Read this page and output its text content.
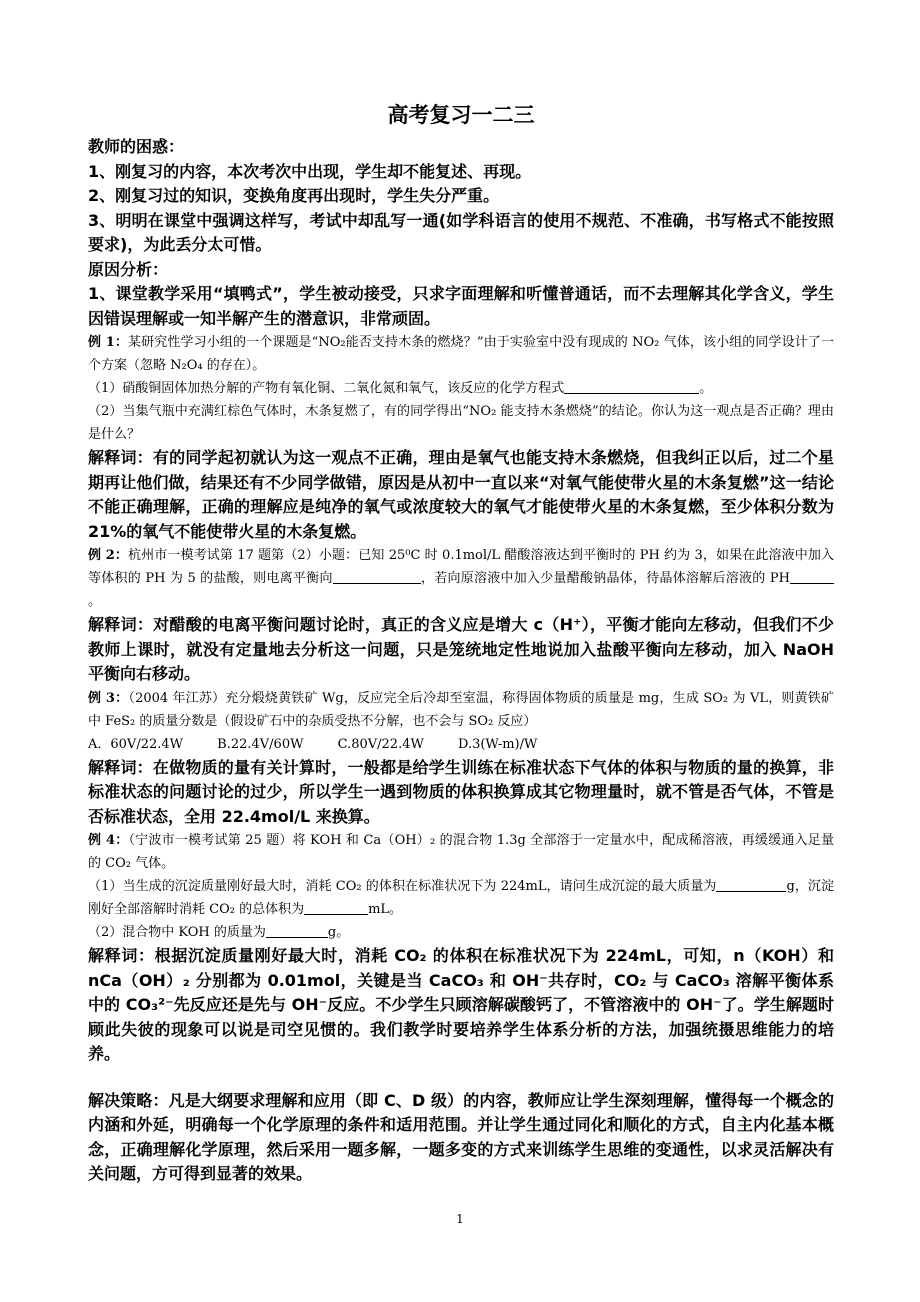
高考复习一二三

教师的困惑：

1、刚复习的内容，本次考次中出现，学生却不能复述、再现。

2、刚复习过的知识，变换角度再出现时，学生失分严重。

3、明明在课堂中强调这样写，考试中却乱写一通(如学科语言的使用不规范、不准确，书写格式不能按照要求)，为此丢分太可惜。

原因分析：

1、课堂教学采用“填鸭式”，学生被动接受，只求字面理解和听懂普通话，而不去理解其化学含义，学生因错误理解或一知半解产生的潜意识，非常顽固。

例 1：某研究性学习小组的一个课题是“NO₂能否支持木条的燃烧？”由于实验室中没有现成的 NO₂ 气体，该小组的同学设计了一个方案（忽略 N₂O₄ 的存在）。

（1）硝酸铜固体加热分解的产物有氧化铜、二氧化氮和氧气，该反应的化学方程式	。

（2）当集气瓶中充满红棕色气体时，木条复燃了，有的同学得出“NO₂ 能支持木条燃烧”的结论。你认为这一观点是否正确？理由是什么？

解释词：有的同学起初就认为这一观点不正确，理由是氧气也能支持木条燃烧，但我纠正以后，过二个星期再让他们做，结果还有不少同学做错，原因是从初中一直以来“对氧气能使带火星的木条复燃”这一结论不能正确理解，正确的理解应是纯净的氧气或浓度较大的氧气才能使带火星的木条复燃，至少体积分数为 21%的氧气不能使带火星的木条复燃。

例 2：杭州市一模考试第 17 题第（2）小题：已知 25⁰C 时 0.1mol/L 醋酸溶液达到平衡时的 PH 约为 3，如果在此溶液中加入等体积的 PH 为 5 的盐酸，则电离平衡向	，若向原溶液中加入少量醋酸钠晶体，待晶体溶解后溶液的 PH。

解释词：对醋酸的电离平衡问题讨论时，真正的含义应是增大 c（H⁺），平衡才能向左移动，但我们不少教师上课时，就没有定量地去分析这一问题，只是笼统地定性地说加入盐酸平衡向左移动，加入 NaOH 平衡向右移动。

例 3：（2004 年江苏）充分煅烧黄铁矿 Wg，反应完全后冷却至室温，称得固体物质的质量是 mg，生成 SO₂ 为 VL，则黄铁矿中 FeS₂ 的质量分数是（假设矿石中的杂质受热不分解，也不会与 SO₂ 反应）

A．60V/22.4W	B.22.4V/60W	C.80V/22.4W	D.3(W-m)/W

解释词：在做物质的量有关计算时，一般都是给学生训练在标准状态下气体的体积与物质的量的换算，非标准状态的问题讨论的过少，所以学生一遇到物质的体积换算成其它物理量时，就不管是否气体，不管是否标准状态，全用 22.4mol/L 来换算。

例 4：（宁波市一模考试第 25 题）将 KOH 和 Ca（OH）₂ 的混合物 1.3g 全部溶于一定量水中，配成稀溶液，再缓缓通入足量的 CO₂ 气体。

（1）当生成的沉淀质量刚好最大时，消耗 CO₂ 的体积在标准状况下为 224mL，请问生成沉淀的最大质量为	g，沉淀刚好全部溶解时消耗 CO₂ 的总体积为	mL。

（2）混合物中 KOH 的质量为	g。

解释词：根据沉淀质量刚好最大时，消耗 CO₂ 的体积在标准状况下为 224mL，可知，n（KOH）和 nCa（OH）₂ 分别都为 0.01mol，关键是当 CaCO₃ 和 OH⁻共存时，CO₂ 与 CaCO₃ 溶解平衡体系中的 CO₃²⁻先反应还是先与 OH⁻反应。不少学生只顾溶解碳酸钙了，不管溶液中的 OH⁻了。学生解题时顾此失彼的现象可以说是司空见惯的。我们教学时要培养学生体系分析的方法，加强统摄思维能力的培养。

解决策略：凡是大纲要求理解和应用（即 C、D 级）的内容，教师应让学生深刻理解，懂得每一个概念的内涵和外延，明确每一个化学原理的条件和适用范围。并让学生通过同化和顺化的方式，自主内化基本概念，正确理解化学原理，然后采用一题多解，一题多变的方式来训练学生思维的变通性，以求灵活解决有关问题，方可得到显著的效果。

1
